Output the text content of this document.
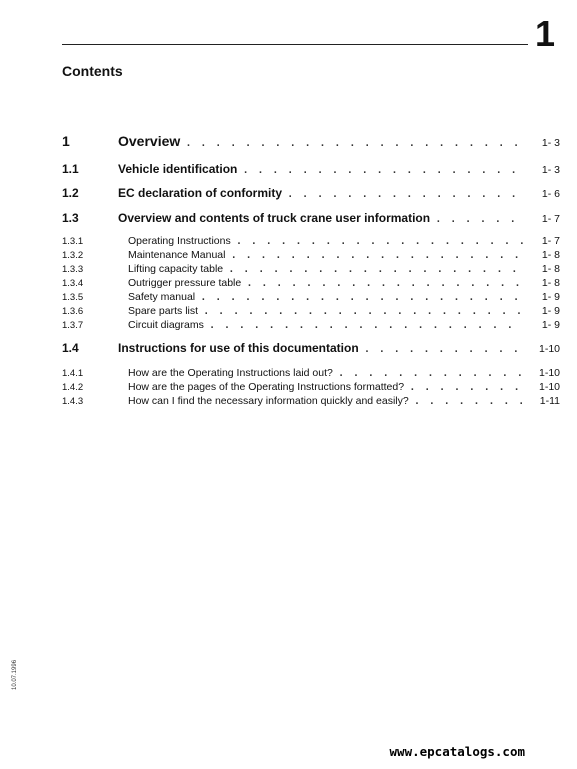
1
Contents
1	Overview . . .	1- 3
1.1	Vehicle identification . . .	1- 3
1.2	EC declaration of conformity . . .	1- 6
1.3	Overview and contents of truck crane user information . . .	1- 7
1.3.1	Operating Instructions . . .	1- 7
1.3.2	Maintenance Manual . . .	1- 8
1.3.3	Lifting capacity table . . .	1- 8
1.3.4	Outrigger pressure table . . .	1- 8
1.3.5	Safety manual . . .	1- 9
1.3.6	Spare parts list . . .	1- 9
1.3.7	Circuit diagrams . . .	1- 9
1.4	Instructions for use of this documentation . . .	1-10
1.4.1	How are the Operating Instructions laid out? . . .	1-10
1.4.2	How are the pages of the Operating Instructions formatted? . . .	1-10
1.4.3	How can I find the necessary information quickly and easily? . . .	1-11
10.07.1996
www.epcatalogs.com
